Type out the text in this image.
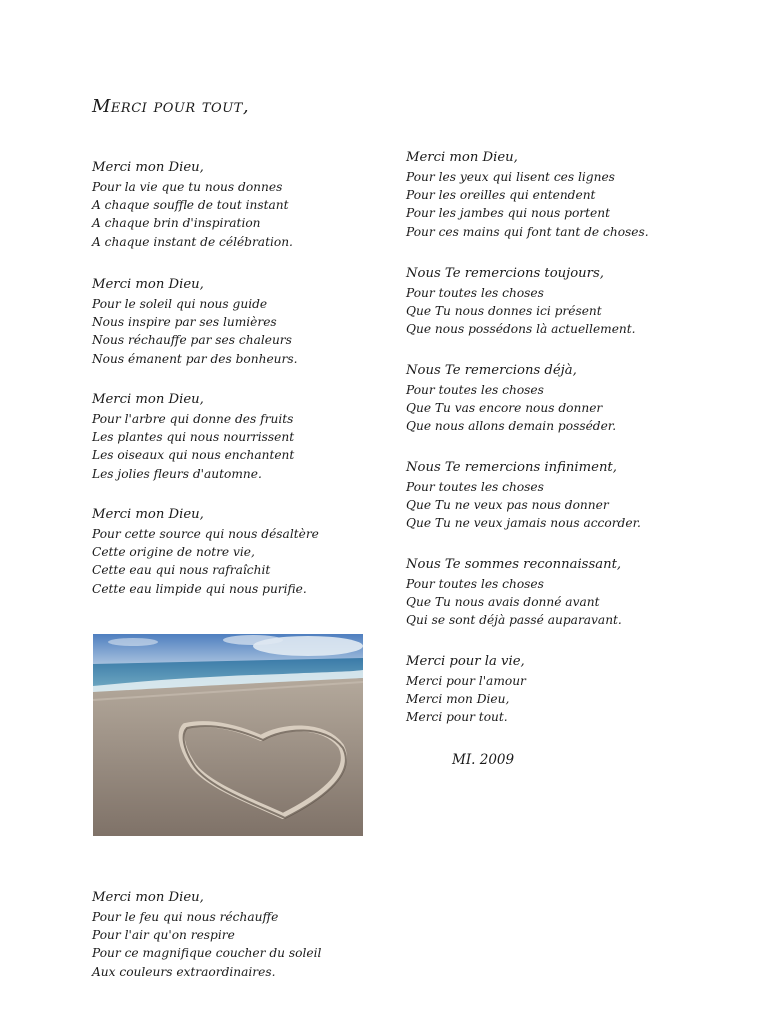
Merci pour tout,
Merci mon Dieu,
Pour la vie que tu nous donnes
A chaque souffle de tout instant
A chaque brin d'inspiration
A chaque instant de célébration.
Merci mon Dieu,
Pour le soleil qui nous guide
Nous inspire par ses lumières
Nous réchauffe par ses chaleurs
Nous émanent par des bonheurs.
Merci mon Dieu,
Pour l'arbre qui donne des fruits
Les plantes qui nous nourrissent
Les oiseaux qui nous enchantent
Les jolies fleurs d'automne.
Merci mon Dieu,
Pour cette source qui nous désaltère
Cette origine de notre vie,
Cette eau qui nous rafraîchit
Cette eau limpide qui nous purifie.
Merci mon Dieu,
Pour le feu qui nous réchauffe
Pour l'air qu'on respire
Pour ce magnifique coucher du soleil
Aux couleurs extraordinaires.
Merci mon Dieu,
Pour les yeux qui lisent ces lignes
Pour les oreilles qui entendent
Pour les jambes qui nous portent
Pour ces mains qui font tant de choses.
Nous Te remercions toujours,
Pour toutes les choses
Que Tu nous donnes ici présent
Que nous possédons là actuellement.
Nous Te remercions déjà,
Pour toutes les choses
Que Tu vas encore nous donner
Que nous allons demain posséder.
Nous Te remercions infiniment,
Pour toutes les choses
Que Tu ne veux pas nous donner
Que Tu ne veux jamais nous accorder.
Nous Te sommes reconnaissant,
Pour toutes les choses
Que Tu nous avais donné avant
Qui se sont déjà passé auparavant.
Merci pour la vie,
Merci pour l'amour
Merci mon Dieu,
Merci pour tout.
MI. 2009
